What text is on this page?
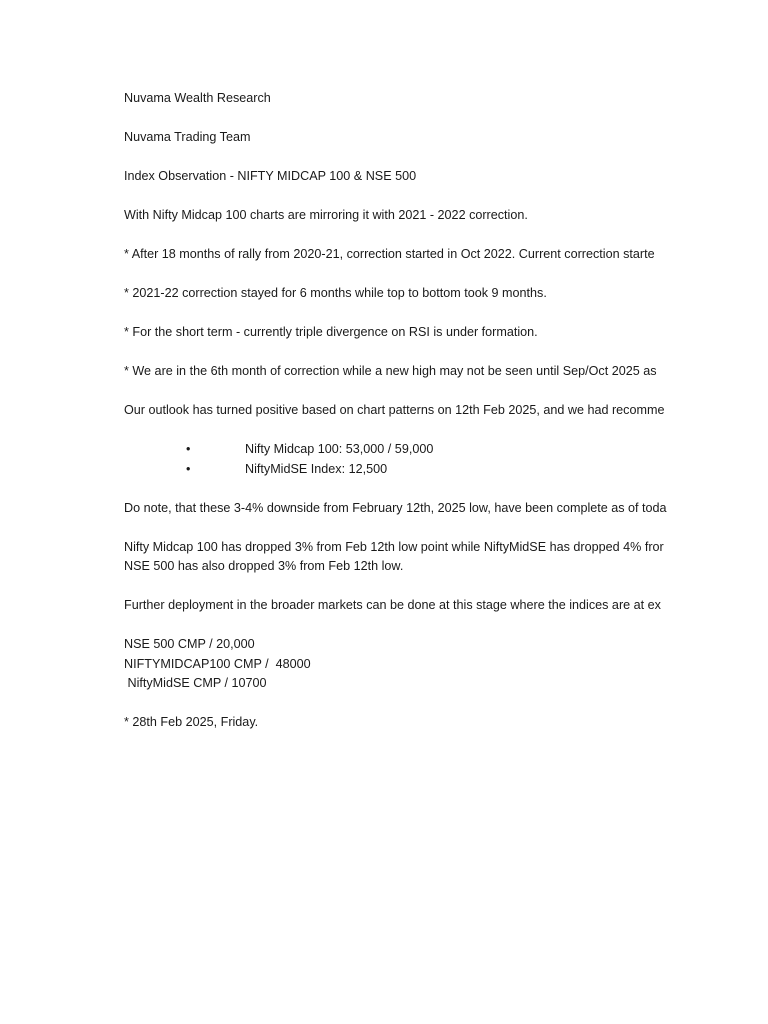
Nuvama Wealth Research

Nuvama Trading Team

Index Observation - NIFTY MIDCAP 100 & NSE 500

With Nifty Midcap 100 charts are mirroring it with 2021 - 2022 correction.

* After 18 months of rally from 2020-21, correction started in Oct 2022. Current correction starte

* 2021-22 correction stayed for 6 months while top to bottom took 9 months.

* For the short term - currently triple divergence on RSI is under formation.

* We are in the 6th month of correction while a new high may not be seen until Sep/Oct 2025 as

Our outlook has turned positive based on chart patterns on 12th Feb 2025, and we had recomme

•	Nifty Midcap 100: 53,000 / 59,000
•	NiftyMidSE Index: 12,500

Do note, that these 3-4% downside from February 12th, 2025 low, have been complete as of toda

Nifty Midcap 100 has dropped 3% from Feb 12th low point while NiftyMidSE has dropped 4% fror

NSE 500 has also dropped 3% from Feb 12th low.

Further deployment in the broader markets can be done at this stage where the indices are at ex

NSE 500 CMP / 20,000

NIFTYMIDCAP100 CMP /  48000

NiftyMidSE CMP / 10700

* 28th Feb 2025, Friday.
